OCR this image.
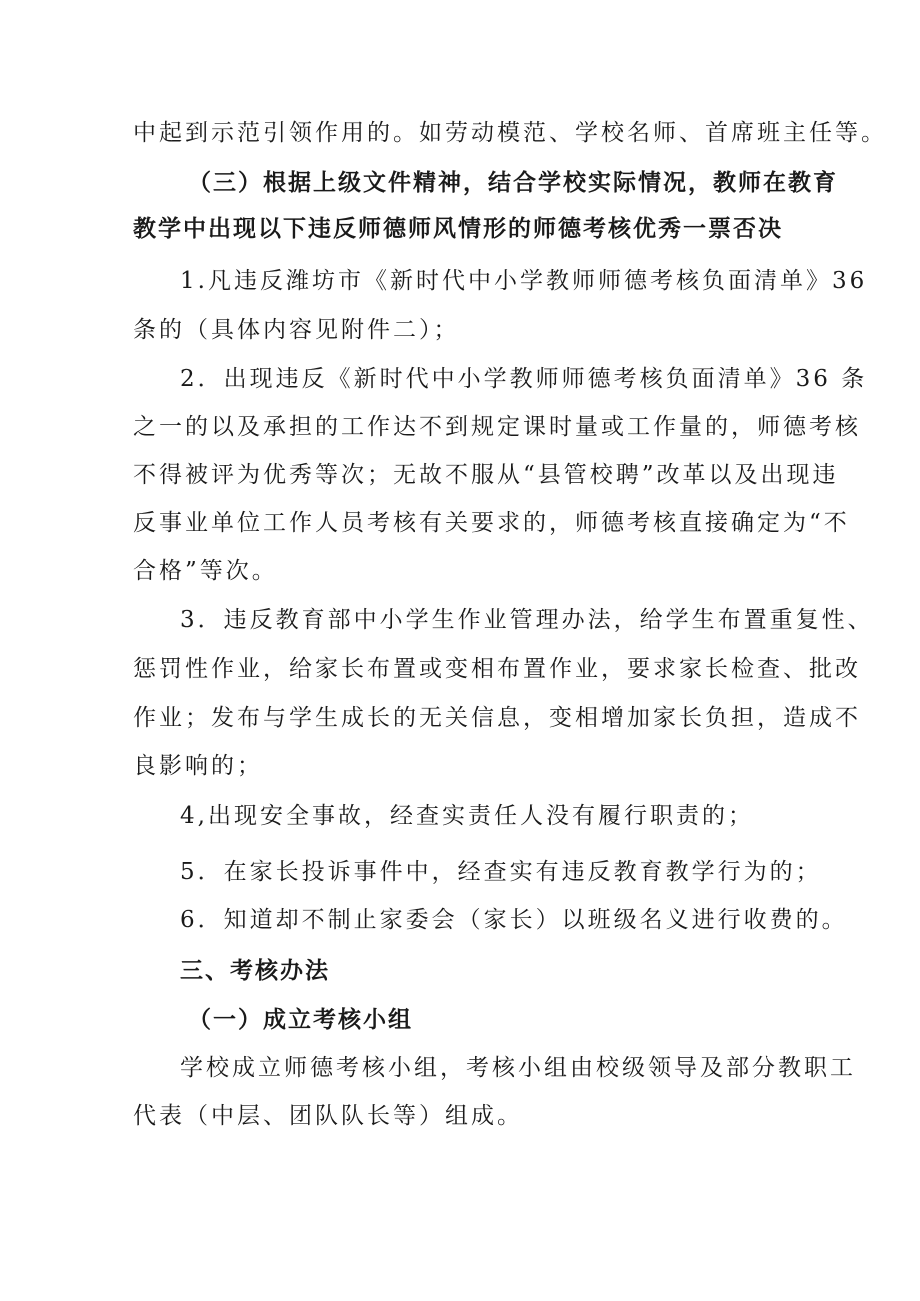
中起到示范引领作用的。如劳动模范、学校名师、首席班主任等。
（三）根据上级文件精神，结合学校实际情况，教师在教育
教学中出现以下违反师德师风情形的师德考核优秀一票否决
1.凡违反潍坊市《新时代中小学教师师德考核负面清单》36
条的（具体内容见附件二）；
2．出现违反《新时代中小学教师师德考核负面清单》36 条
之一的以及承担的工作达不到规定课时量或工作量的，师德考核
不得被评为优秀等次；无故不服从“县管校聘”改革以及出现违
反事业单位工作人员考核有关要求的，师德考核直接确定为“不
合格”等次。
3．违反教育部中小学生作业管理办法，给学生布置重复性、
惩罚性作业，给家长布置或变相布置作业，要求家长检查、批改
作业；发布与学生成长的无关信息，变相增加家长负担，造成不
良影响的；
4,出现安全事故，经查实责任人没有履行职责的；
5．在家长投诉事件中，经查实有违反教育教学行为的；
6．知道却不制止家委会（家长）以班级名义进行收费的。
三、考核办法
（一）成立考核小组
学校成立师德考核小组，考核小组由校级领导及部分教职工
代表（中层、团队队长等）组成。
